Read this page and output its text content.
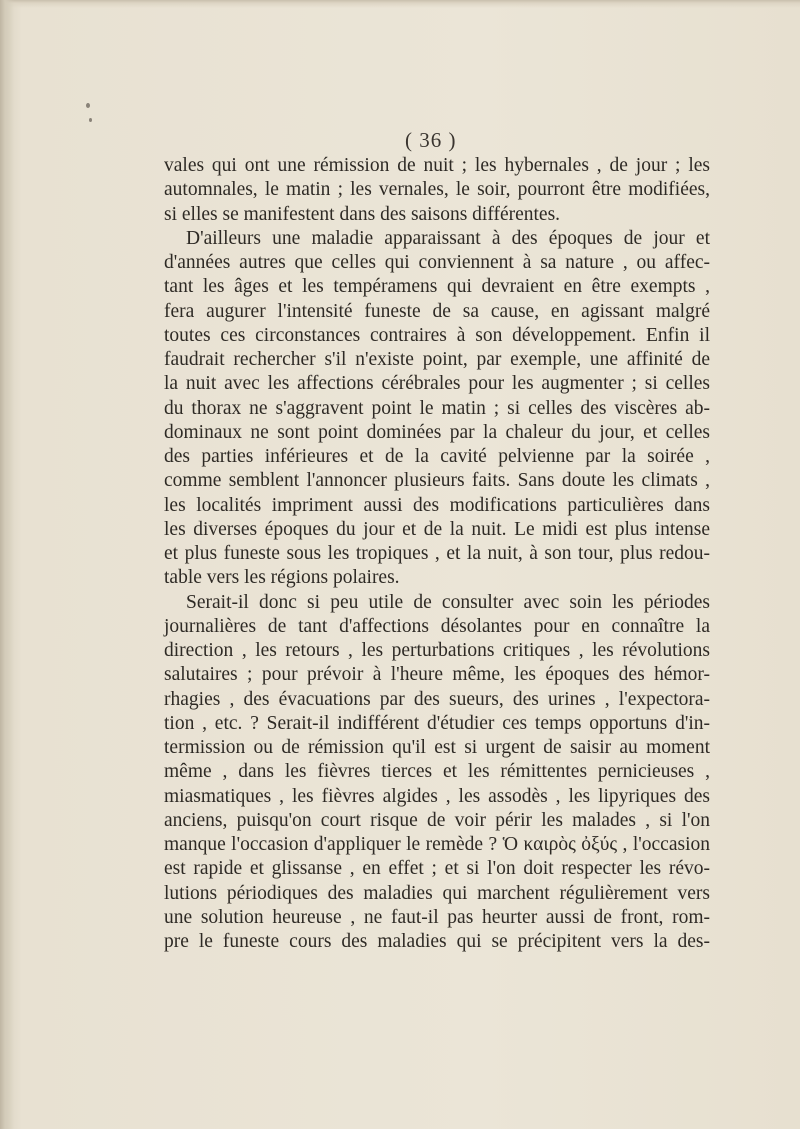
( 36 )
vales qui ont une rémission de nuit ; les hybernales , de jour ; les
automnales, le matin ; les vernales, le soir, pourront être modifiées,
si elles se manifestent dans des saisons différentes.
D'ailleurs une maladie apparaissant à des époques de jour et
d'années autres que celles qui conviennent à sa nature , ou affec-
tant les âges et les tempéramens qui devraient en être exempts ,
fera augurer l'intensité funeste de sa cause, en agissant malgré
toutes ces circonstances contraires à son développement. Enfin il
faudrait rechercher s'il n'existe point, par exemple, une affinité de
la nuit avec les affections cérébrales pour les augmenter ; si celles
du thorax ne s'aggravent point le matin ; si celles des viscères ab-
dominaux ne sont point dominées par la chaleur du jour, et celles
des parties inférieures et de la cavité pelvienne par la soirée ,
comme semblent l'annoncer plusieurs faits. Sans doute les climats ,
les localités impriment aussi des modifications particulières dans
les diverses époques du jour et de la nuit. Le midi est plus intense
et plus funeste sous les tropiques , et la nuit, à son tour, plus redou-
table vers les régions polaires.
Serait-il donc si peu utile de consulter avec soin les périodes
journalières de tant d'affections désolantes pour en connaître la
direction , les retours , les perturbations critiques , les révolutions
salutaires ; pour prévoir à l'heure même, les époques des hémor-
rhagies , des évacuations par des sueurs, des urines , l'expectora-
tion , etc. ? Serait-il indifférent d'étudier ces temps opportuns d'in-
termission ou de rémission qu'il est si urgent de saisir au moment
même , dans les fièvres tierces et les rémittentes pernicieuses ,
miasmatiques , les fièvres algides , les assodès , les lipyriques des
anciens, puisqu'on court risque de voir périr les malades , si l'on
manque l'occasion d'appliquer le remède ? Ὁ καιρὸς ὀξύς , l'occasion
est rapide et glissanse , en effet ; et si l'on doit respecter les révo-
lutions périodiques des maladies qui marchent régulièrement vers
une solution heureuse , ne faut-il pas heurter aussi de front, rom-
pre le funeste cours des maladies qui se précipitent vers la des-
